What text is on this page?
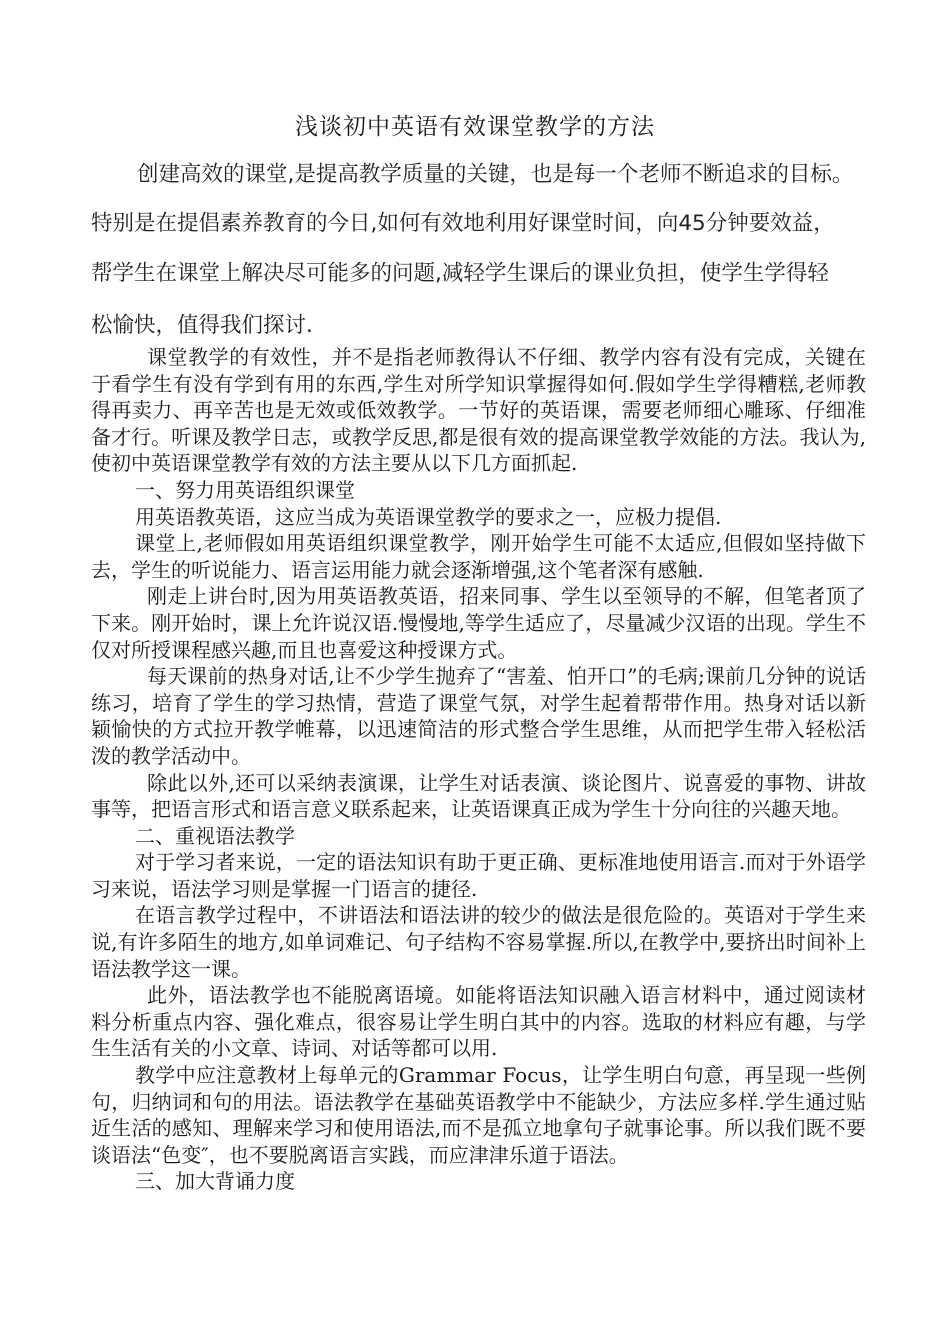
浅谈初中英语有效课堂教学的方法
创建高效的课堂,是提高教学质量的关键，也是每一个老师不断追求的目标。
特别是在提倡素养教育的今日,如何有效地利用好课堂时间，向45分钟要效益，
帮学生在课堂上解决尽可能多的问题,减轻学生课后的课业负担，使学生学得轻
松愉快，值得我们探讨.

课堂教学的有效性，并不是指老师教得认不仔细、教学内容有没有完成，关键在于看学生有没有学到有用的东西,学生对所学知识掌握得如何.假如学生学得糟糕,老师教得再卖力、再辛苦也是无效或低效教学。一节好的英语课，需要老师细心雕琢、仔细准备才行。听课及教学日志，或教学反思,都是很有效的提高课堂教学效能的方法。我认为,使初中英语课堂教学有效的方法主要从以下几方面抓起.

一、努力用英语组织课堂

用英语教英语，这应当成为英语课堂教学的要求之一，应极力提倡.

课堂上,老师假如用英语组织课堂教学，刚开始学生可能不太适应,但假如坚持做下去，学生的听说能力、语言运用能力就会逐渐增强,这个笔者深有感触.

刚走上讲台时,因为用英语教英语，招来同事、学生以至领导的不解，但笔者顶了下来。刚开始时，课上允许说汉语.慢慢地,等学生适应了，尽量减少汉语的出现。学生不仅对所授课程感兴趣,而且也喜爱这种授课方式。

每天课前的热身对话,让不少学生抛弃了“害羞、怕开口”的毛病;课前几分钟的说话练习，培育了学生的学习热情，营造了课堂气氛，对学生起着帮带作用。热身对话以新颖愉快的方式拉开教学帷幕，以迅速简洁的形式整合学生思维，从而把学生带入轻松活泼的教学活动中。

除此以外,还可以采纳表演课，让学生对话表演、谈论图片、说喜爱的事物、讲故事等，把语言形式和语言意义联系起来，让英语课真正成为学生十分向往的兴趣天地。

二、重视语法教学

对于学习者来说，一定的语法知识有助于更正确、更标准地使用语言.而对于外语学习来说，语法学习则是掌握一门语言的捷径.

在语言教学过程中，不讲语法和语法讲的较少的做法是很危险的。英语对于学生来说,有许多陌生的地方,如单词难记、句子结构不容易掌握.所以,在教学中,要挤出时间补上语法教学这一课。

此外，语法教学也不能脱离语境。如能将语法知识融入语言材料中，通过阅读材料分析重点内容、强化难点，很容易让学生明白其中的内容。选取的材料应有趣，与学生生活有关的小文章、诗词、对话等都可以用.

教学中应注意教材上每单元的Grammar Focus，让学生明白句意，再呈现一些例句，归纳词和句的用法。语法教学在基础英语教学中不能缺少，方法应多样.学生通过贴近生活的感知、理解来学习和使用语法,而不是孤立地拿句子就事论事。所以我们既不要谈语法“色变″，也不要脱离语言实践，而应津津乐道于语法。

三、加大背诵力度
